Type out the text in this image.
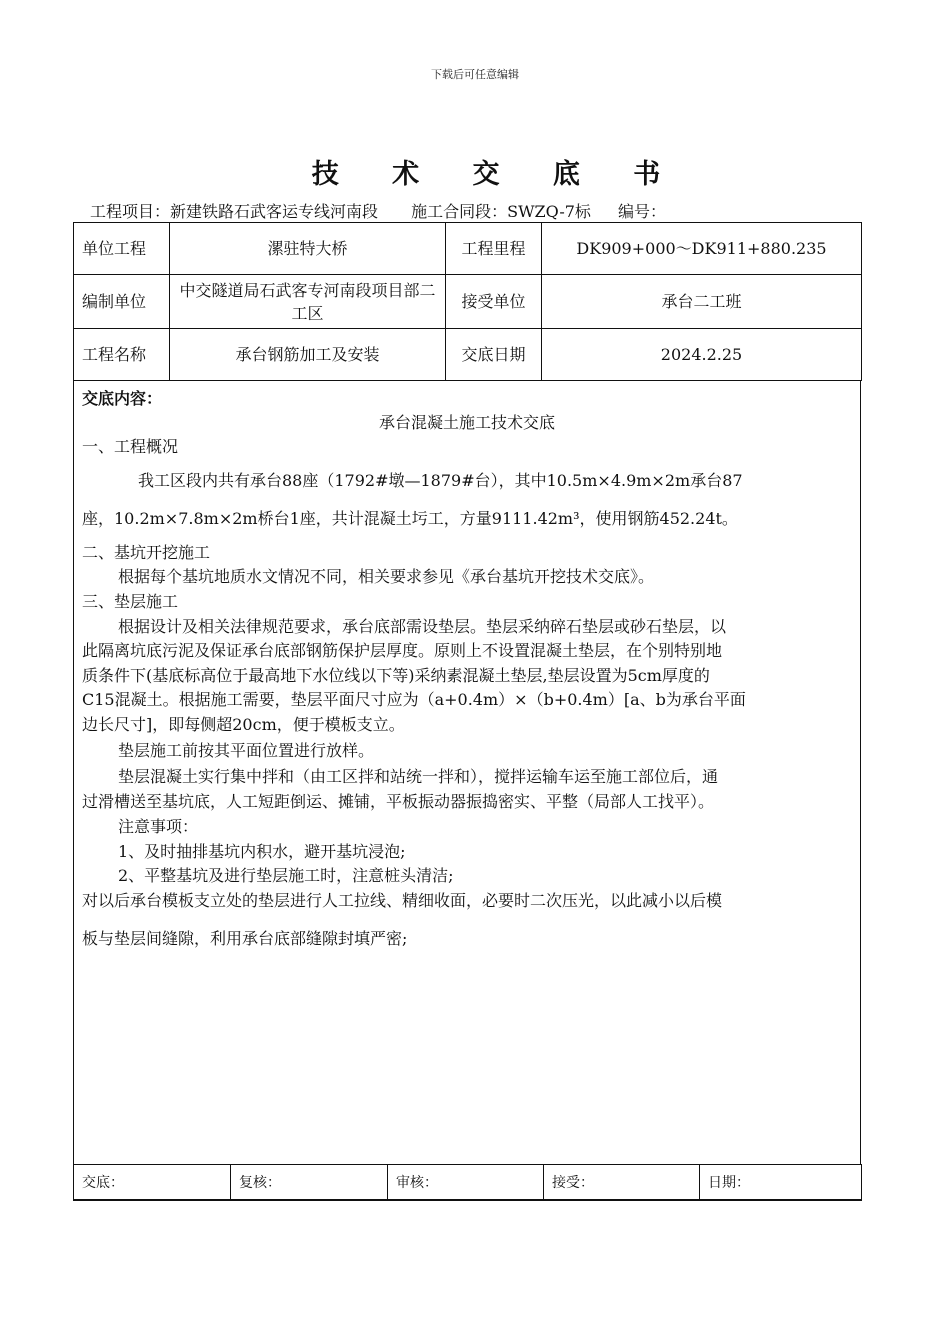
下载后可任意编辑
技 术 交 底 书
工程项目：新建铁路石武客运专线河南段 施工合同段：SWZQ-7标 编号：
单位工程	漯驻特大桥	工程里程	DK909+000～DK911+880.235
编制单位	中交隧道局石武客专河南段项目部二工区	接受单位	承台二工班
工程名称	承台钢筋加工及安装	交底日期	2024.2.25
交底内容：
承台混凝土施工技术交底

一、工程概况

我工区段内共有承台88座（1792#墩—1879#台），其中10.5m×4.9m×2m承台87

座，10.2m×7.8m×2m桥台1座，共计混凝土圬工，方量9111.42m³，使用钢筋452.24t。

二、基坑开挖施工

根据每个基坑地质水文情况不同，相关要求参见《承台基坑开挖技术交底》。

三、垫层施工

根据设计及相关法律规范要求，承台底部需设垫层。垫层采纳碎石垫层或砂石垫层，以

此隔离坑底污泥及保证承台底部钢筋保护层厚度。原则上不设置混凝土垫层，在个别特别地

质条件下(基底标高位于最高地下水位线以下等)采纳素混凝土垫层,垫层设置为5cm厚度的

C15混凝土。根据施工需要，垫层平面尺寸应为（a+0.4m）×（b+0.4m）[a、b为承台平面

边长尺寸]，即每侧超20cm，便于模板支立。

垫层施工前按其平面位置进行放样。

垫层混凝土实行集中拌和（由工区拌和站统一拌和），搅拌运输车运至施工部位后，通

过滑槽送至基坑底，人工短距倒运、摊铺，平板振动器振捣密实、平整（局部人工找平）。

注意事项：

1、及时抽排基坑内积水，避开基坑浸泡;

2、平整基坑及进行垫层施工时，注意桩头清洁;

对以后承台模板支立处的垫层进行人工拉线、精细收面，必要时二次压光，以此减小以后模

板与垫层间缝隙，利用承台底部缝隙封填严密;

交底：	复核：	审核：	接受：	日期：
